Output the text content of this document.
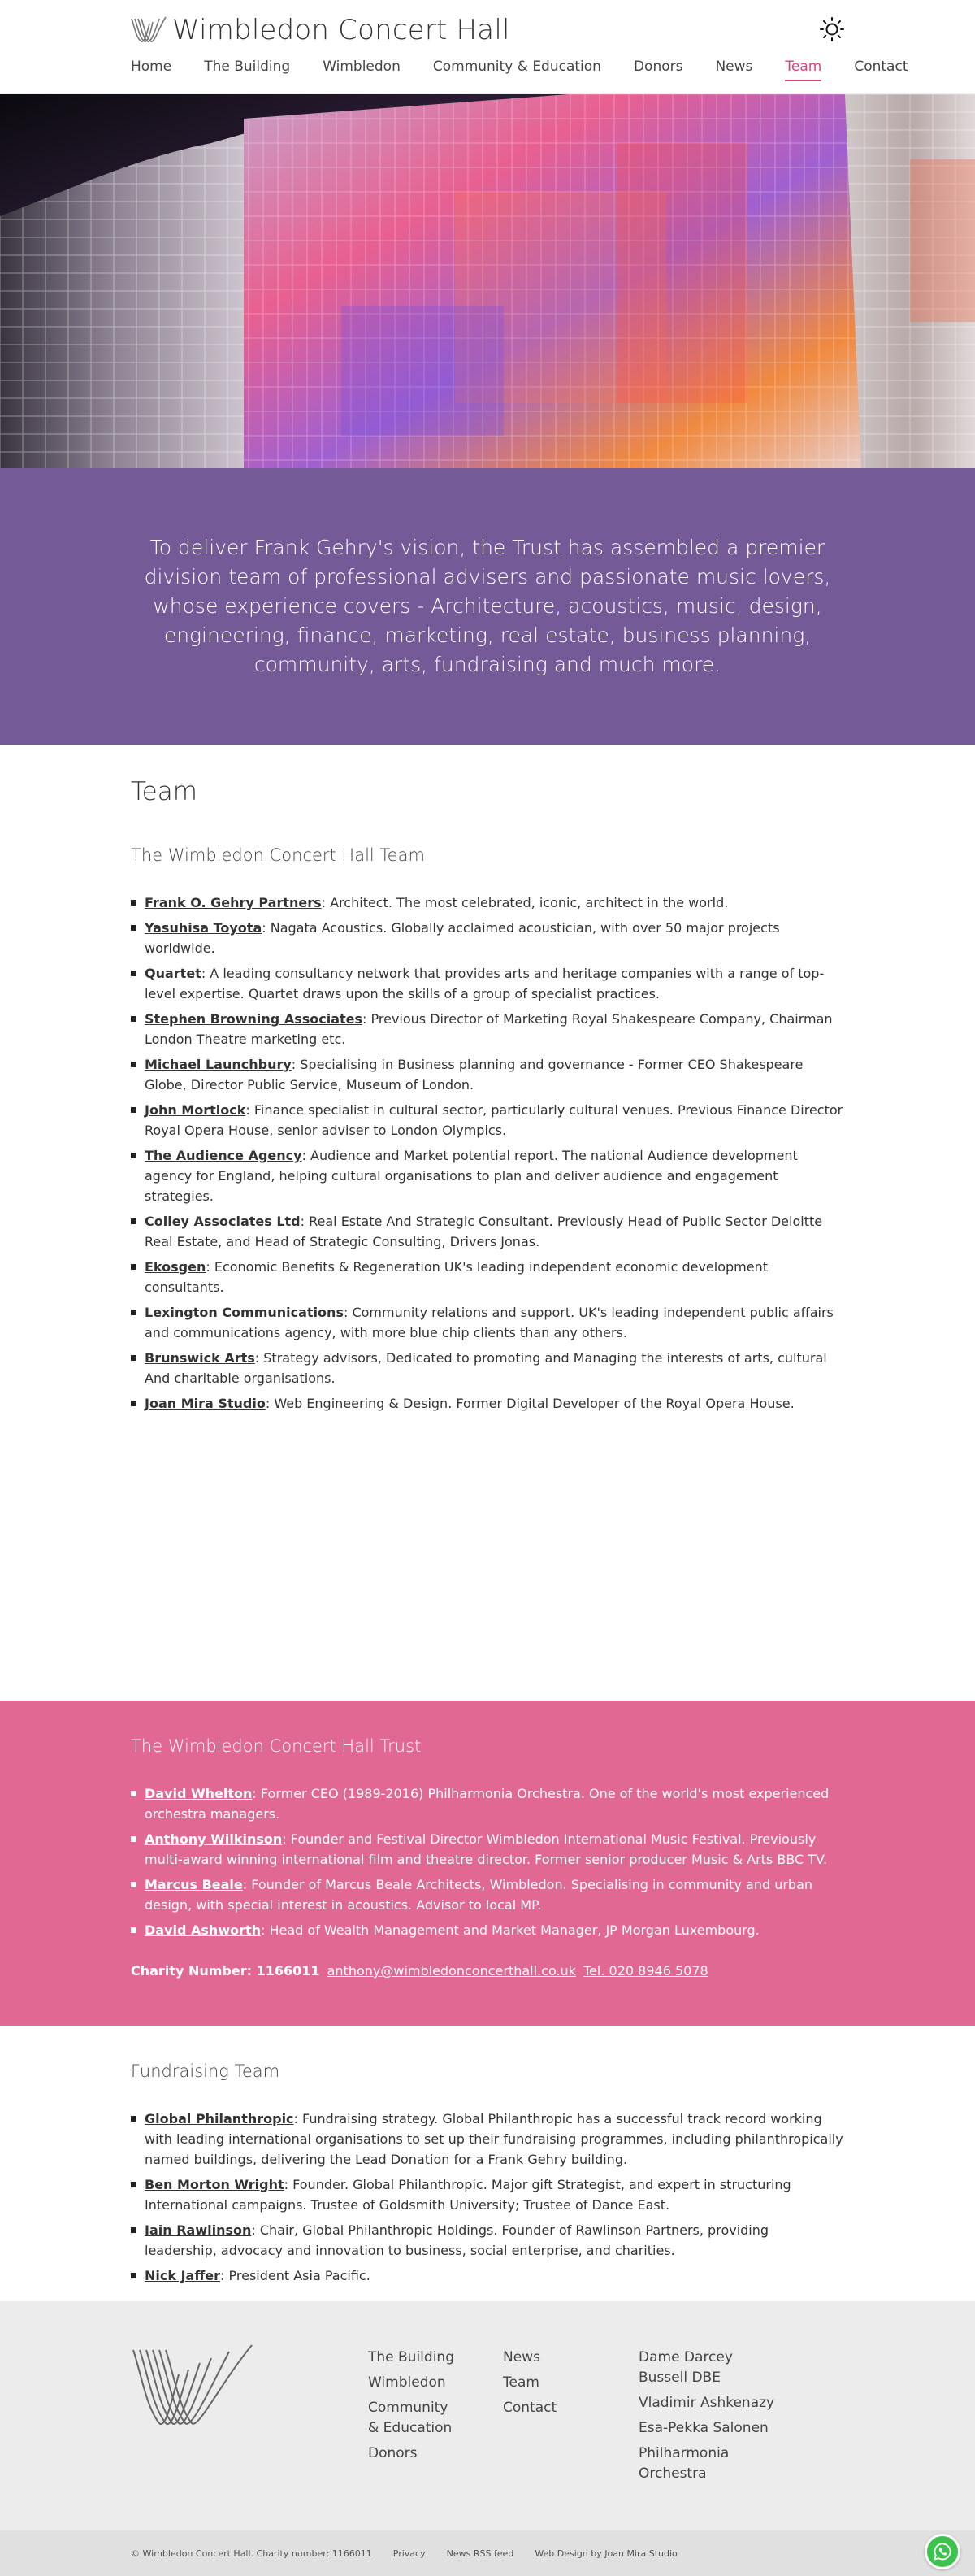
Wimbledon Concert Hall
Home The Building Wimbledon Community & Education Donors News Team Contact

To deliver Frank Gehry's vision, the Trust has assembled a premier division team of professional advisers and passionate music lovers, whose experience covers - Architecture, acoustics, music, design, engineering, finance, marketing, real estate, business planning, community, arts, fundraising and much more.

Team
The Wimbledon Concert Hall Team
Frank O. Gehry Partners: Architect. The most celebrated, iconic, architect in the world.
Yasuhisa Toyota: Nagata Acoustics. Globally acclaimed acoustician, with over 50 major projects worldwide.
Quartet: A leading consultancy network that provides arts and heritage companies with a range of top-level expertise. Quartet draws upon the skills of a group of specialist practices.
Stephen Browning Associates: Previous Director of Marketing Royal Shakespeare Company, Chairman London Theatre marketing etc.
Michael Launchbury: Specialising in Business planning and governance - Former CEO Shakespeare Globe, Director Public Service, Museum of London.
John Mortlock: Finance specialist in cultural sector, particularly cultural venues. Previous Finance Director Royal Opera House, senior adviser to London Olympics.
The Audience Agency: Audience and Market potential report. The national Audience development agency for England, helping cultural organisations to plan and deliver audience and engagement strategies.
Colley Associates Ltd: Real Estate And Strategic Consultant. Previously Head of Public Sector Deloitte Real Estate, and Head of Strategic Consulting, Drivers Jonas.
Ekosgen: Economic Benefits & Regeneration UK's leading independent economic development consultants.
Lexington Communications: Community relations and support. UK's leading independent public affairs and communications agency, with more blue chip clients than any others.
Brunswick Arts: Strategy advisors, Dedicated to promoting and Managing the interests of arts, cultural And charitable organisations.
Joan Mira Studio: Web Engineering & Design. Former Digital Developer of the Royal Opera House.
The Wimbledon Concert Hall Trust
David Whelton: Former CEO (1989-2016) Philharmonia Orchestra. One of the world's most experienced orchestra managers.
Anthony Wilkinson: Founder and Festival Director Wimbledon International Music Festival. Previously multi-award winning international film and theatre director. Former senior producer Music & Arts BBC TV.
Marcus Beale: Founder of Marcus Beale Architects, Wimbledon. Specialising in community and urban design, with special interest in acoustics. Advisor to local MP.
David Ashworth: Head of Wealth Management and Market Manager, JP Morgan Luxembourg.

Charity Number: 1166011 anthony@wimbledonconcerthall.co.uk Tel. 020 8946 5078

Fundraising Team
Global Philanthropic: Fundraising strategy. Global Philanthropic has a successful track record working with leading international organisations to set up their fundraising programmes, including philanthropically named buildings, delivering the Lead Donation for a Frank Gehry building.
Ben Morton Wright: Founder. Global Philanthropic. Major gift Strategist, and expert in structuring International campaigns. Trustee of Goldsmith University; Trustee of Dance East.
Iain Rawlinson: Chair, Global Philanthropic Holdings. Founder of Rawlinson Partners, providing leadership, advocacy and innovation to business, social enterprise, and charities.
Nick Jaffer: President Asia Pacific.
The Building
Wimbledon
Community & Education
Donors
News
Team
Contact
Dame Darcey Bussell DBE
Vladimir Ashkenazy
Esa-Pekka Salonen
Philharmonia Orchestra
© Wimbledon Concert Hall. Charity number: 1166011 Privacy News RSS feed Web Design by Joan Mira Studio
